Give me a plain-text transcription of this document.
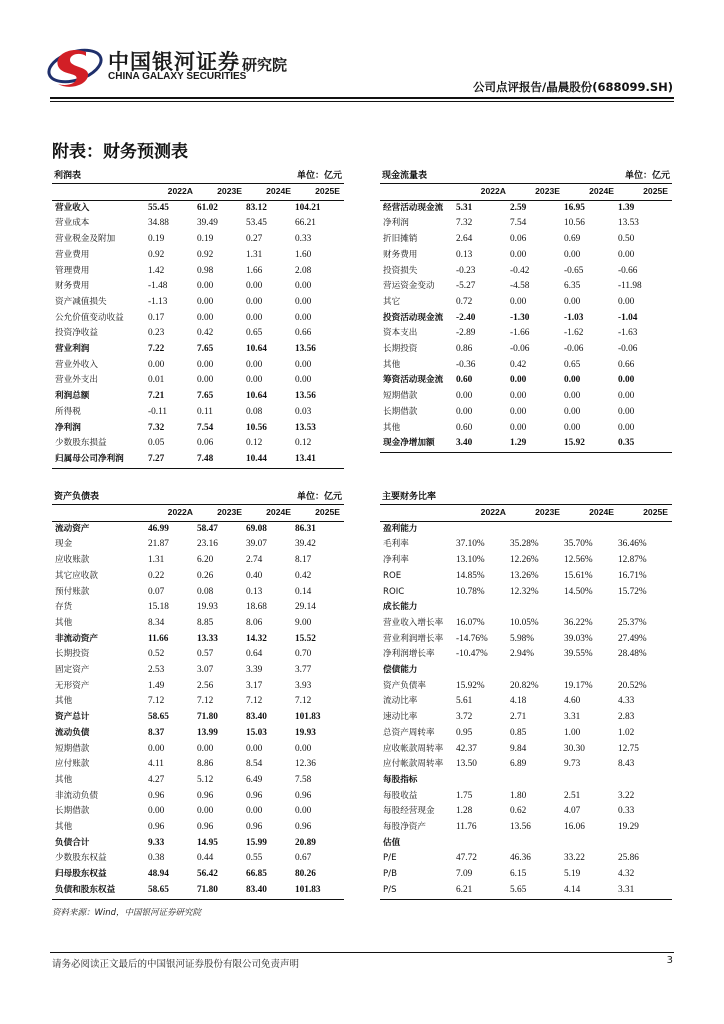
中国银河证券
CHINA GALAXY SECURITIES
研究院
公司点评报告/晶晨股份(688099.SH)
附表：财务预测表
利润表	单位：亿元
	2022A	2023E	2024E	2025E
营业收入	55.45	61.02	83.12	104.21
营业成本	34.88	39.49	53.45	66.21
营业税金及附加	0.19	0.19	0.27	0.33
营业费用	0.92	0.92	1.31	1.60
管理费用	1.42	0.98	1.66	2.08
财务费用	-1.48	0.00	0.00	0.00
资产减值损失	-1.13	0.00	0.00	0.00
公允价值变动收益	0.17	0.00	0.00	0.00
投资净收益	0.23	0.42	0.65	0.66
营业利润	7.22	7.65	10.64	13.56
营业外收入	0.00	0.00	0.00	0.00
营业外支出	0.01	0.00	0.00	0.00
利润总额	7.21	7.65	10.64	13.56
所得税	-0.11	0.11	0.08	0.03
净利润	7.32	7.54	10.56	13.53
少数股东损益	0.05	0.06	0.12	0.12
归属母公司净利润	7.27	7.48	10.44	13.41
现金流量表	单位：亿元
	2022A	2023E	2024E	2025E
经营活动现金流	5.31	2.59	16.95	1.39
净利润	7.32	7.54	10.56	13.53
折旧摊销	2.64	0.06	0.69	0.50
财务费用	0.13	0.00	0.00	0.00
投资损失	-0.23	-0.42	-0.65	-0.66
营运资金变动	-5.27	-4.58	6.35	-11.98
其它	0.72	0.00	0.00	0.00
投资活动现金流	-2.40	-1.30	-1.03	-1.04
资本支出	-2.89	-1.66	-1.62	-1.63
长期投资	0.86	-0.06	-0.06	-0.06
其他	-0.36	0.42	0.65	0.66
筹资活动现金流	0.60	0.00	0.00	0.00
短期借款	0.00	0.00	0.00	0.00
长期借款	0.00	0.00	0.00	0.00
其他	0.60	0.00	0.00	0.00
现金净增加额	3.40	1.29	15.92	0.35
资产负债表	单位：亿元
	2022A	2023E	2024E	2025E
流动资产	46.99	58.47	69.08	86.31
现金	21.87	23.16	39.07	39.42
应收账款	1.31	6.20	2.74	8.17
其它应收款	0.22	0.26	0.40	0.42
预付账款	0.07	0.08	0.13	0.14
存货	15.18	19.93	18.68	29.14
其他	8.34	8.85	8.06	9.00
非流动资产	11.66	13.33	14.32	15.52
长期投资	0.52	0.57	0.64	0.70
固定资产	2.53	3.07	3.39	3.77
无形资产	1.49	2.56	3.17	3.93
其他	7.12	7.12	7.12	7.12
资产总计	58.65	71.80	83.40	101.83
流动负债	8.37	13.99	15.03	19.93
短期借款	0.00	0.00	0.00	0.00
应付账款	4.11	8.86	8.54	12.36
其他	4.27	5.12	6.49	7.58
非流动负债	0.96	0.96	0.96	0.96
长期借款	0.00	0.00	0.00	0.00
其他	0.96	0.96	0.96	0.96
负债合计	9.33	14.95	15.99	20.89
少数股东权益	0.38	0.44	0.55	0.67
归母股东权益	48.94	56.42	66.85	80.26
负债和股东权益	58.65	71.80	83.40	101.83
主要财务比率
	2022A	2023E	2024E	2025E
盈利能力				
毛利率	37.10%	35.28%	35.70%	36.46%
净利率	13.10%	12.26%	12.56%	12.87%
ROE	14.85%	13.26%	15.61%	16.71%
ROIC	10.78%	12.32%	14.50%	15.72%
成长能力				
营业收入增长率	16.07%	10.05%	36.22%	25.37%
营业利润增长率	-14.76%	5.98%	39.03%	27.49%
净利润增长率	-10.47%	2.94%	39.55%	28.48%
偿债能力				
资产负债率	15.92%	20.82%	19.17%	20.52%
流动比率	5.61	4.18	4.60	4.33
速动比率	3.72	2.71	3.31	2.83
总资产周转率	0.95	0.85	1.00	1.02
应收帐款周转率	42.37	9.84	30.30	12.75
应付帐款周转率	13.50	6.89	9.73	8.43
每股指标				
每股收益	1.75	1.80	2.51	3.22
每股经营现金	1.28	0.62	4.07	0.33
每股净资产	11.76	13.56	16.06	19.29
估值				
P/E	47.72	46.36	33.22	25.86
P/B	7.09	6.15	5.19	4.32
P/S	6.21	5.65	4.14	3.31
资料来源：Wind，中国银河证券研究院
请务必阅读正文最后的中国银河证券股份有限公司免责声明	3
